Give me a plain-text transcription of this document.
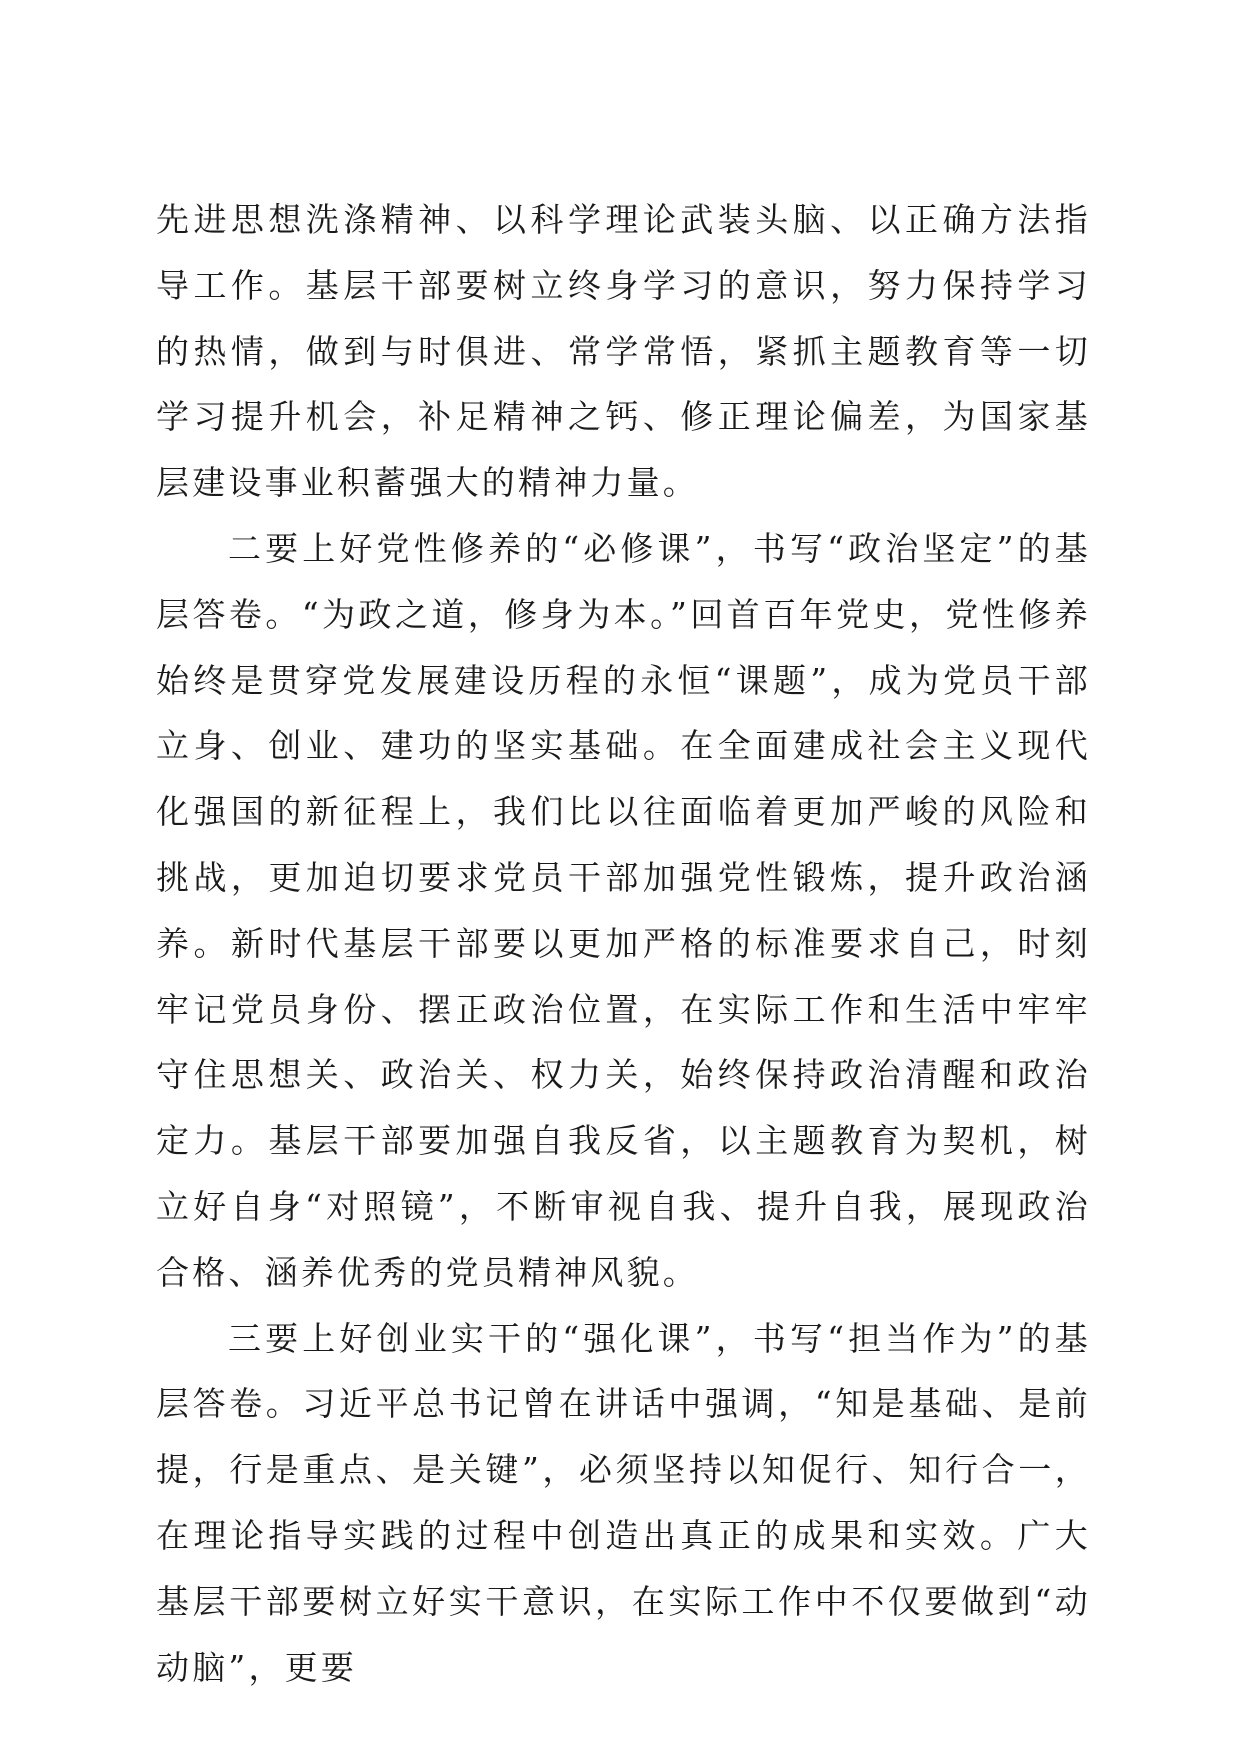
先进思想洗涤精神、以科学理论武装头脑、以正确方法指导工作。基层干部要树立终身学习的意识，努力保持学习的热情，做到与时俱进、常学常悟，紧抓主题教育等一切学习提升机会，补足精神之钙、修正理论偏差，为国家基层建设事业积蓄强大的精神力量。

二要上好党性修养的“必修课”，书写“政治坚定”的基层答卷。“为政之道，修身为本。”回首百年党史，党性修养始终是贯穿党发展建设历程的永恒“课题”，成为党员干部立身、创业、建功的坚实基础。在全面建成社会主义现代化强国的新征程上，我们比以往面临着更加严峻的风险和挑战，更加迫切要求党员干部加强党性锻炼，提升政治涵养。新时代基层干部要以更加严格的标准要求自己，时刻牢记党员身份、摆正政治位置，在实际工作和生活中牢牢守住思想关、政治关、权力关，始终保持政治清醒和政治定力。基层干部要加强自我反省，以主题教育为契机，树立好自身“对照镜”，不断审视自我、提升自我，展现政治合格、涵养优秀的党员精神风貌。

三要上好创业实干的“强化课”，书写“担当作为”的基层答卷。习近平总书记曾在讲话中强调，“知是基础、是前提，行是重点、是关键”，必须坚持以知促行、知行合一，在理论指导实践的过程中创造出真正的成果和实效。广大基层干部要树立好实干意识，在实际工作中不仅要做到“动动脑”，更要
